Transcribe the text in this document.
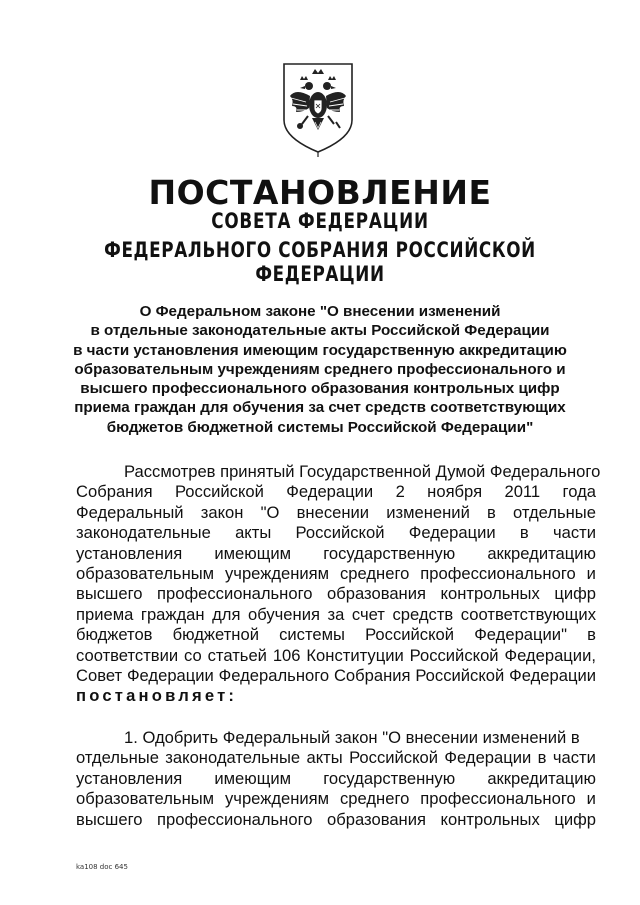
ПОСТАНОВЛЕНИЕ
СОВЕТА ФЕДЕРАЦИИ
ФЕДЕРАЛЬНОГО СОБРАНИЯ РОССИЙСКОЙ ФЕДЕРАЦИИ
О Федеральном законе "О внесении изменений
в отдельные законодательные акты Российской Федерации
в части установления имеющим государственную аккредитацию
образовательным учреждениям среднего профессионального и
высшего профессионального образования контрольных цифр
приема граждан для обучения за счет средств соответствующих
бюджетов бюджетной системы Российской Федерации"
Рассмотрев принятый Государственной Думой Федерального
Собрания Российской Федерации 2 ноября 2011 года
Федеральный закон "О внесении изменений в отдельные
законодательные акты Российской Федерации в части
установления имеющим государственную аккредитацию
образовательным учреждениям среднего профессионального и
высшего профессионального образования контрольных цифр
приема граждан для обучения за счет средств соответствующих
бюджетов бюджетной системы Российской Федерации" в
соответствии со статьей 106 Конституции Российской Федерации,
Совет Федерации Федерального Собрания Российской Федерации
постановляет:
1. Одобрить Федеральный закон "О внесении изменений в
отдельные законодательные акты Российской Федерации в части
установления имеющим государственную аккредитацию
образовательным учреждениям среднего профессионального и
высшего профессионального образования контрольных цифр
ka108 doc 645
